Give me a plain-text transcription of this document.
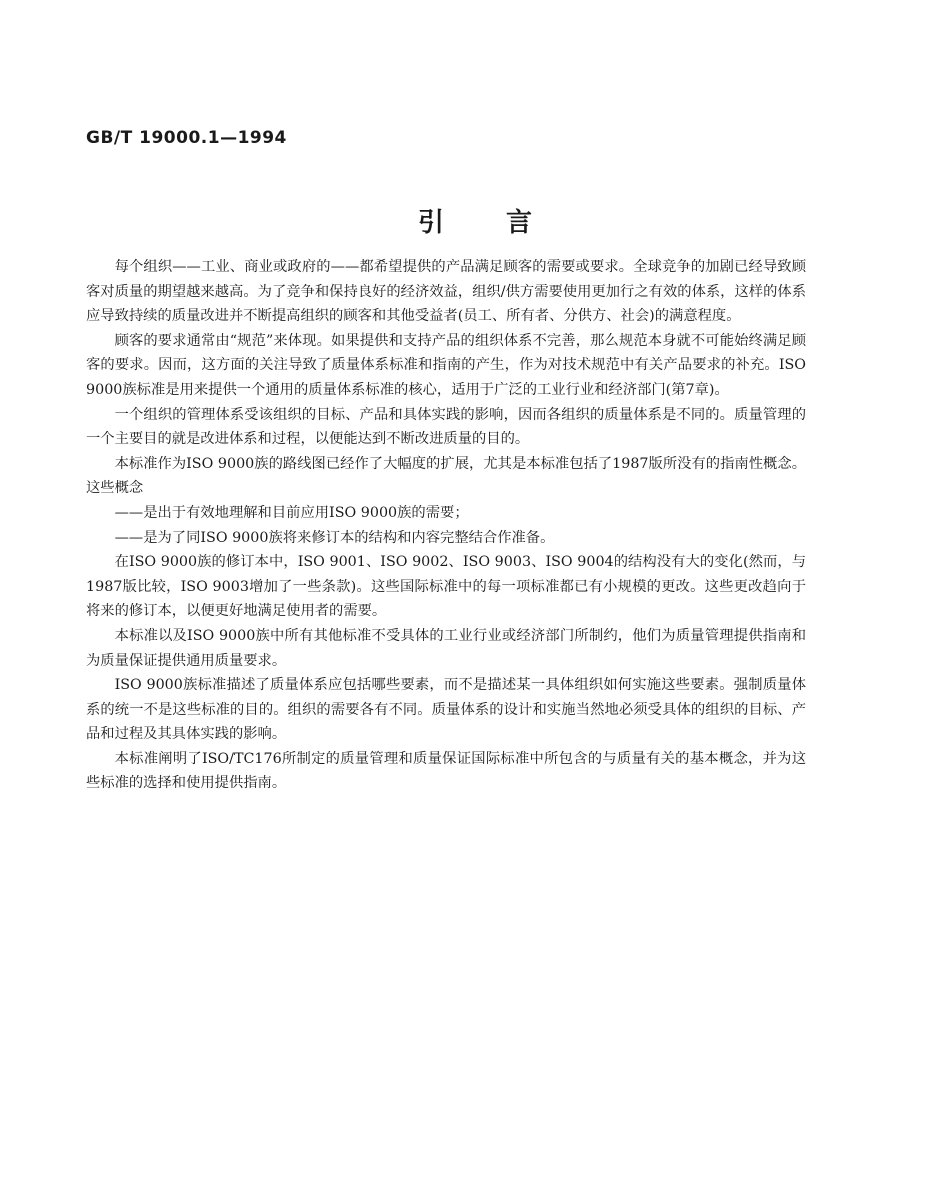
GB/T 19000.1—1994
引言

每个组织——工业、商业或政府的——都希望提供的产品满足顾客的需要或要求。全球竞争的加剧已经导致顾客对质量的期望越来越高。为了竞争和保持良好的经济效益，组织/供方需要使用更加行之有效的体系，这样的体系应导致持续的质量改进并不断提高组织的顾客和其他受益者(员工、所有者、分供方、社会)的满意程度。

顾客的要求通常由“规范”来体现。如果提供和支持产品的组织体系不完善，那么规范本身就不可能始终满足顾客的要求。因而，这方面的关注导致了质量体系标准和指南的产生，作为对技术规范中有关产品要求的补充。ISO 9000族标准是用来提供一个通用的质量体系标准的核心，适用于广泛的工业行业和经济部门(第7章)。

一个组织的管理体系受该组织的目标、产品和具体实践的影响，因而各组织的质量体系是不同的。质量管理的一个主要目的就是改进体系和过程，以便能达到不断改进质量的目的。

本标准作为ISO 9000族的路线图已经作了大幅度的扩展，尤其是本标准包括了1987版所没有的指南性概念。这些概念

——是出于有效地理解和目前应用ISO 9000族的需要；

——是为了同ISO 9000族将来修订本的结构和内容完整结合作准备。

在ISO 9000族的修订本中，ISO 9001、ISO 9002、ISO 9003、ISO 9004的结构没有大的变化(然而，与1987版比较，ISO 9003增加了一些条款)。这些国际标准中的每一项标准都已有小规模的更改。这些更改趋向于将来的修订本，以便更好地满足使用者的需要。

本标准以及ISO 9000族中所有其他标准不受具体的工业行业或经济部门所制约，他们为质量管理提供指南和为质量保证提供通用质量要求。

ISO 9000族标准描述了质量体系应包括哪些要素，而不是描述某一具体组织如何实施这些要素。强制质量体系的统一不是这些标准的目的。组织的需要各有不同。质量体系的设计和实施当然地必须受具体的组织的目标、产品和过程及其具体实践的影响。

本标准阐明了ISO/TC176所制定的质量管理和质量保证国际标准中所包含的与质量有关的基本概念，并为这些标准的选择和使用提供指南。
